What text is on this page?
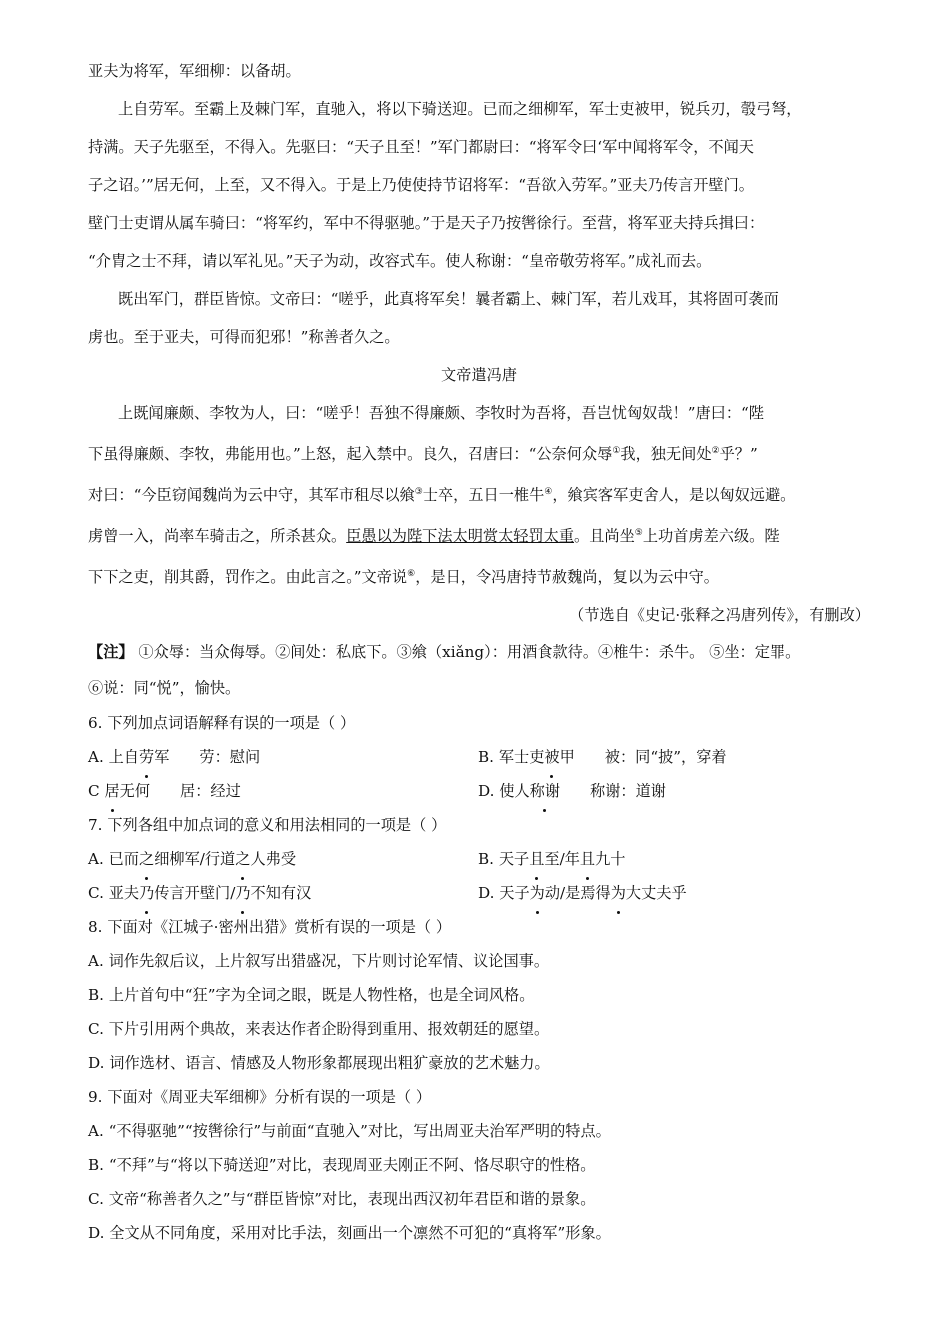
亚夫为将军，军细柳：以备胡。

上自劳军。至霸上及棘门军，直驰入，将以下骑送迎。已而之细柳军，军士吏被甲，锐兵刃，彀弓弩，

持满。天子先驱至，不得入。先驱曰：“天子且至！”军门都尉曰：“将军令曰‘军中闻将军令，不闻天

子之诏。’”居无何，上至，又不得入。于是上乃使使持节诏将军：“吾欲入劳军。”亚夫乃传言开壁门。

壁门士吏谓从属车骑曰：“将军约，军中不得驱驰。”于是天子乃按辔徐行。至营，将军亚夫持兵揖曰：

“介胄之士不拜，请以军礼见。”天子为动，改容式车。使人称谢：“皇帝敬劳将军。”成礼而去。

既出军门，群臣皆惊。文帝曰：“嗟乎，此真将军矣！曩者霸上、棘门军，若儿戏耳，其将固可袭而

虏也。至于亚夫，可得而犯邪！”称善者久之。

文帝遣冯唐

上既闻廉颇、李牧为人，曰：“嗟乎！吾独不得廉颇、李牧时为吾将，吾岂忧匈奴哉！”唐曰：“陛

下虽得廉颇、李牧，弗能用也。”上怒，起入禁中。良久，召唐曰：“公奈何众辱①我，独无间处②乎？”

对曰：“今臣窃闻魏尚为云中守，其军市租尽以飨③士卒，五日一椎牛④，飨宾客军吏舍人，是以匈奴远避。

虏曾一入，尚率车骑击之，所杀甚众。臣愚以为陛下法太明赏太轻罚太重。且尚坐⑤上功首虏差六级。陛

下下之吏，削其爵，罚作之。由此言之。”文帝说⑥，是日，令冯唐持节赦魏尚，复以为云中守。

（节选自《史记·张释之冯唐列传》，有删改）

【注】 ①众辱：当众侮辱。②间处：私底下。③飨（xiǎng）：用酒食款待。④椎牛：杀牛。 ⑤坐：定罪。

⑥说：同“悦”，愉快。

6. 下列加点词语解释有误的一项是（ ）

A. 上自劳军 劳：慰问	B. 军士吏被甲 被：同“披”，穿着
C 居无何 居：经过	D. 使人称谢 称谢：道谢

7. 下列各组中加点词的意义和用法相同的一项是（ ）

A. 已而之细柳军/行道之人弗受	B. 天子且至/年且九十
C. 亚夫乃传言开壁门/乃不知有汉	D. 天子为动/是焉得为大丈夫乎

8. 下面对《江城子·密州出猎》赏析有误的一项是（ ）

A. 词作先叙后议，上片叙写出猎盛况，下片则讨论军情、议论国事。

B. 上片首句中“狂”字为全词之眼，既是人物性格，也是全词风格。

C. 下片引用两个典故，来表达作者企盼得到重用、报效朝廷的愿望。

D. 词作选材、语言、情感及人物形象都展现出粗犷豪放的艺术魅力。

9. 下面对《周亚夫军细柳》分析有误的一项是（ ）

A. “不得驱驰”“按辔徐行”与前面“直驰入”对比，写出周亚夫治军严明的特点。

B. “不拜”与“将以下骑送迎”对比，表现周亚夫刚正不阿、恪尽职守的性格。

C. 文帝“称善者久之”与“群臣皆惊”对比，表现出西汉初年君臣和谐的景象。

D. 全文从不同角度，采用对比手法，刻画出一个凛然不可犯的“真将军”形象。
